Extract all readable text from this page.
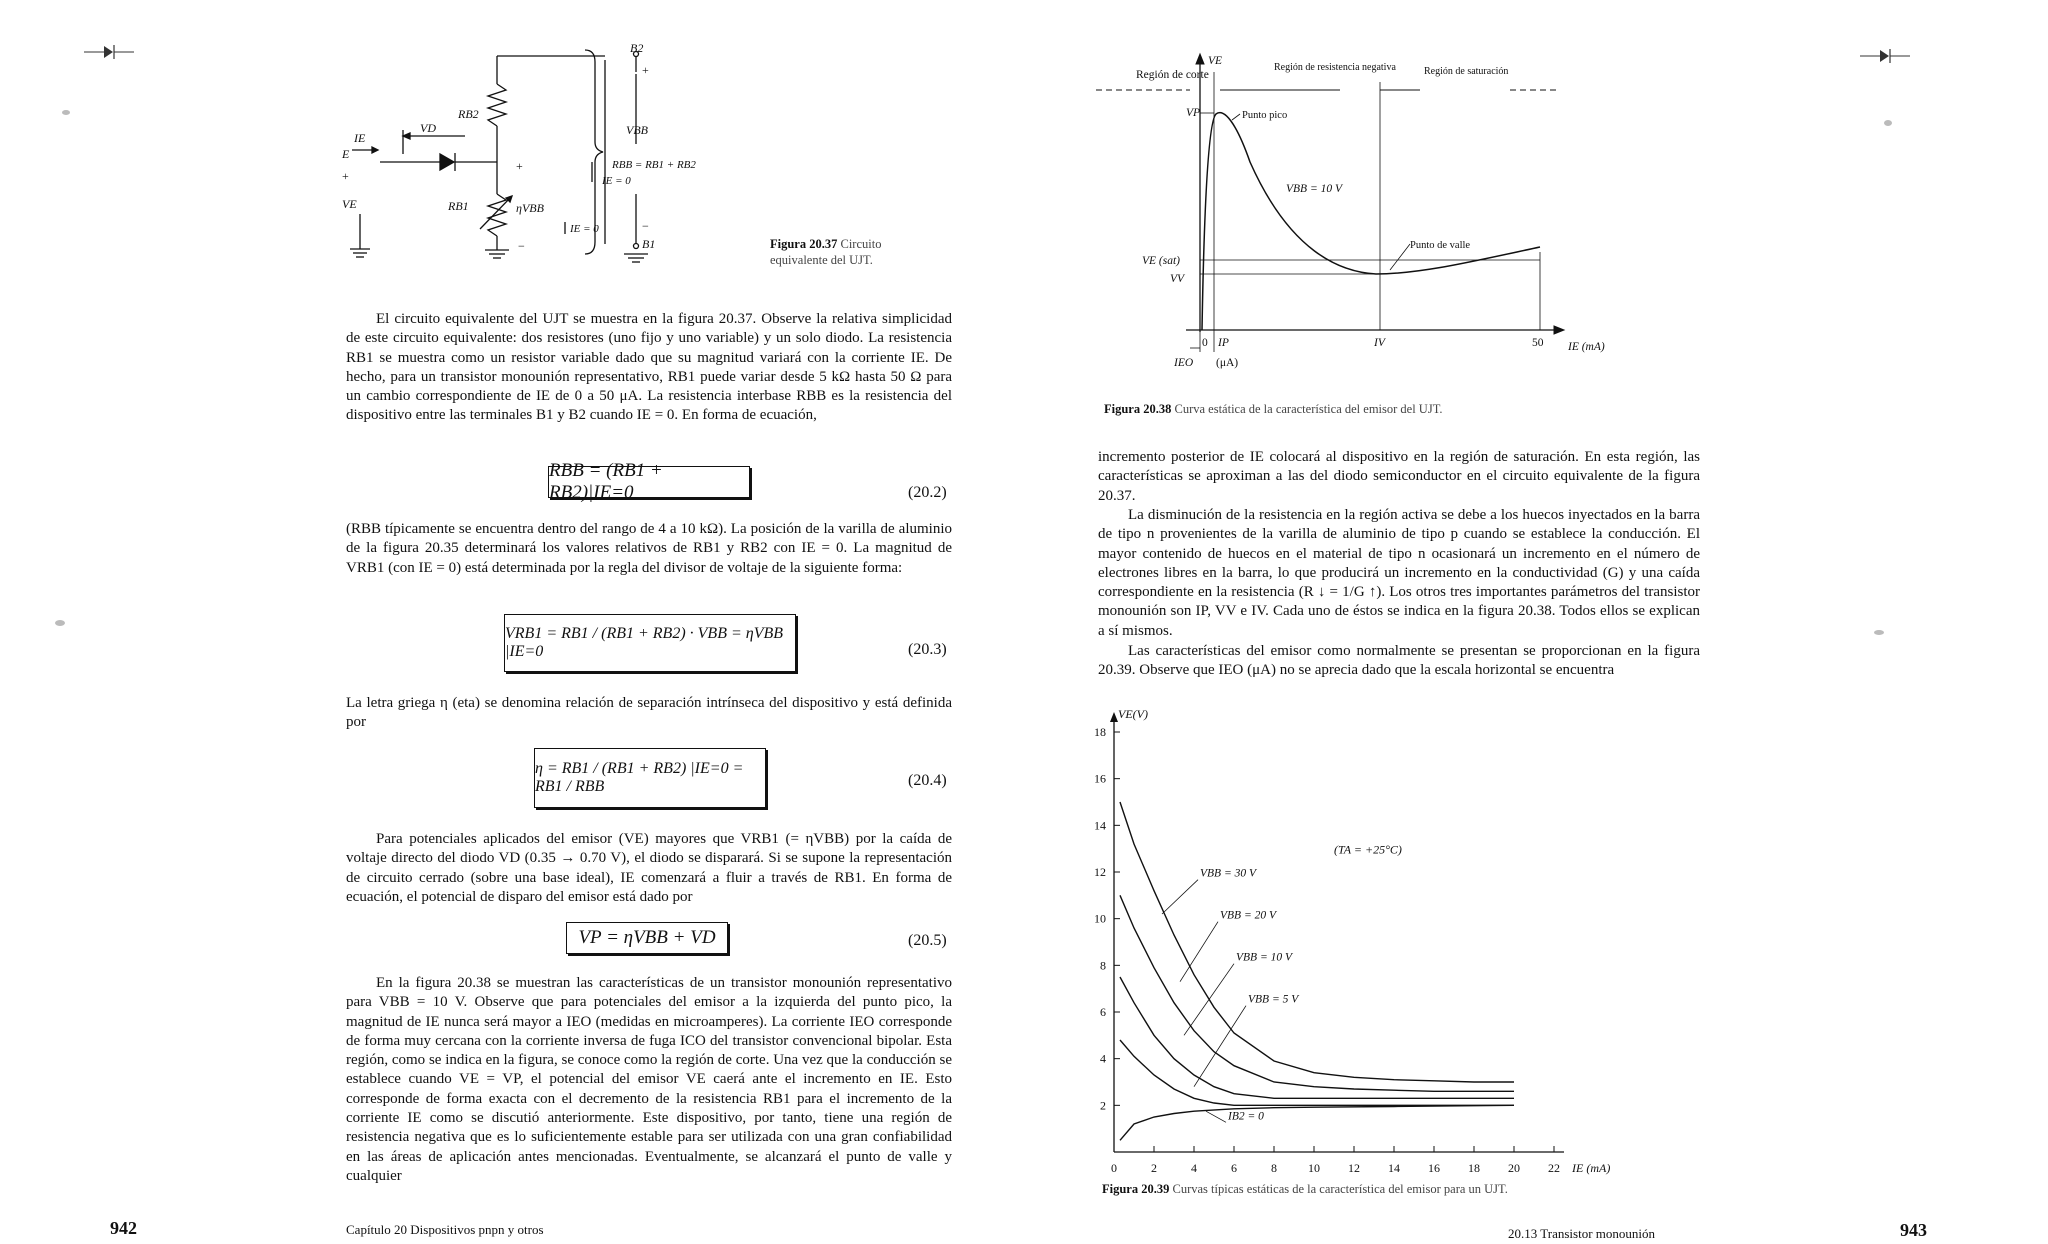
B2
+
RB2
VBB
IE
VD
E
+
VE
+	RBB = RB1 + RB2
IE = 0
RB1	ηVBB
IE = 0
−
−
B1	Figura 20.37 Circuito equivalente del UJT.
El circuito equivalente del UJT se muestra en la figura 20.37. Observe la relativa simplicidad de este circuito equivalente: dos resistores (uno fijo y uno variable) y un solo diodo. La resistencia RB1 se muestra como un resistor variable dado que su magnitud variará con la corriente IE. De hecho, para un transistor monounión representativo, RB1 puede variar desde 5 kΩ hasta 50 Ω para un cambio correspondiente de IE de 0 a 50 μA. La resistencia interbase RBB es la resistencia del dispositivo entre las terminales B1 y B2 cuando IE = 0. En forma de ecuación,
RBB = (RB1 + RB2)|IE=0	(20.2)
(RBB típicamente se encuentra dentro del rango de 4 a 10 kΩ). La posición de la varilla de aluminio de la figura 20.35 determinará los valores relativos de RB1 y RB2 con IE = 0. La magnitud de VRB1 (con IE = 0) está determinada por la regla del divisor de voltaje de la siguiente forma:
VRB1 = RB1 / (RB1 + RB2) · VBB = ηVBB |IE=0	(20.3)
La letra griega η (eta) se denomina relación de separación intrínseca del dispositivo y está definida por
η = RB1 / (RB1 + RB2) |IE=0 = RB1 / RBB	(20.4)
Para potenciales aplicados del emisor (VE) mayores que VRB1 (= ηVBB) por la caída de voltaje directo del diodo VD (0.35 → 0.70 V), el diodo se disparará. Si se supone la representación de circuito cerrado (sobre una base ideal), IE comenzará a fluir a través de RB1. En forma de ecuación, el potencial de disparo del emisor está dado por
VP = ηVBB + VD	(20.5)
En la figura 20.38 se muestran las características de un transistor monounión representativo para VBB = 10 V. Observe que para potenciales del emisor a la izquierda del punto pico, la magnitud de IE nunca será mayor a IEO (medidas en microamperes). La corriente IEO corresponde de forma muy cercana con la corriente inversa de fuga ICO del transistor convencional bipolar. Esta región, como se indica en la figura, se conoce como la región de corte. Una vez que la conducción se establece cuando VE = VP, el potencial del emisor VE caerá ante el incremento en IE. Esto corresponde de forma exacta con el decremento de la resistencia RB1 para el incremento de la corriente IE como se discutió anteriormente. Este dispositivo, por tanto, tiene una región de resistencia negativa que es lo suficientemente estable para ser utilizada con una gran confiabilidad en las áreas de aplicación antes mencionadas. Eventualmente, se alcanzará el punto de valle y cualquier
942	Capítulo 20 Dispositivos pnpn y otros
VE
Región de corte
Región de resistencia negativa	Región de saturación
VP	Punto pico
VBB = 10 V
Punto de valle
VE (sat)
VV
0 IP	IV	50 IE (mA)
IEO (μA)
Figura 20.38 Curva estática de la característica del emisor del UJT.
incremento posterior de IE colocará al dispositivo en la región de saturación. En esta región, las características se aproximan a las del diodo semiconductor en el circuito equivalente de la figura 20.37.
La disminución de la resistencia en la región activa se debe a los huecos inyectados en la barra de tipo n provenientes de la varilla de aluminio de tipo p cuando se establece la conducción. El mayor contenido de huecos en el material de tipo n ocasionará un incremento en el número de electrones libres en la barra, lo que producirá un incremento en la conductividad (G) y una caída correspondiente en la resistencia (R ↓ = 1/G ↑). Los otros tres importantes parámetros del transistor monounión son IP, VV e IV. Cada uno de éstos se indica en la figura 20.38. Todos ellos se explican a sí mismos.
Las características del emisor como normalmente se presentan se proporcionan en la figura 20.39. Observe que IEO (μA) no se aprecia dado que la escala horizontal se encuentra
0	2	4	6	8	10 12 14 16 18 20 22
2
4
6
8
10
12
14
16
18
VE(V)
IE (mA)
(TA = +25°C)
VBB = 30 V
VBB = 20 V
VBB = 10 V
VBB = 5 V
IB2 = 0
Figura 20.39 Curvas típicas estáticas de la característica del emisor para un UJT.
20.13 Transistor monounión	943
